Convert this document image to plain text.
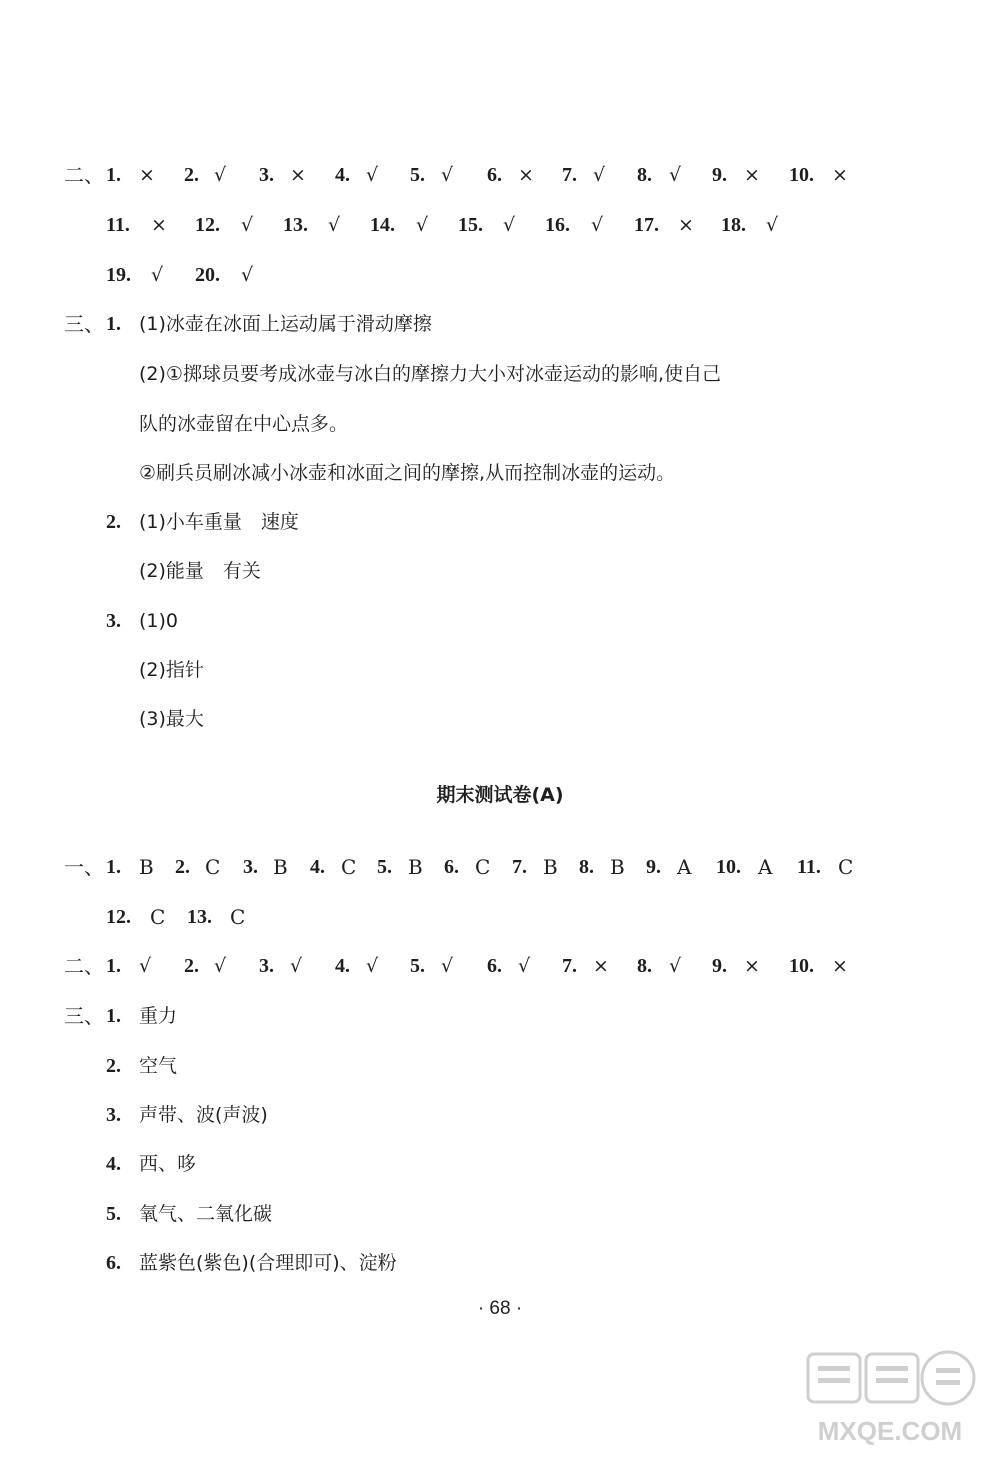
二、 1. × 2. √ 3. × 4. √ 5. √ 6. × 7. √ 8. √ 9. × 10. ×
11. × 12. √ 13. √ 14. √ 15. √ 16. √ 17. × 18. √
19. √ 20. √
三、 1. (1)冰壶在冰面上运动属于滑动摩擦
(2)①掷球员要考成冰壶与冰白的摩擦力大小对冰壶运动的影响,使自己
队的冰壶留在中心点多。
②刷兵员刷冰减小冰壶和冰面之间的摩擦,从而控制冰壶的运动。
2. (1)小车重量　速度
(2)能量　有关
3. (1)0
(2)指针
(3)最大
期末测试卷(A)
一、 1. B 2. C 3. B 4. C 5. B 6. C 7. B 8. B 9. A 10. A 11. C
12. C 13. C
二、 1. √ 2. √ 3. √ 4. √ 5. √ 6. √ 7. × 8. √ 9. × 10. ×
三、 1. 重力
2. 空气
3. 声带、波(声波)
4. 西、哆
5. 氧气、二氧化碳
6. 蓝紫色(紫色)(合理即可)、淀粉
· 68 ·
MXQE.COM
